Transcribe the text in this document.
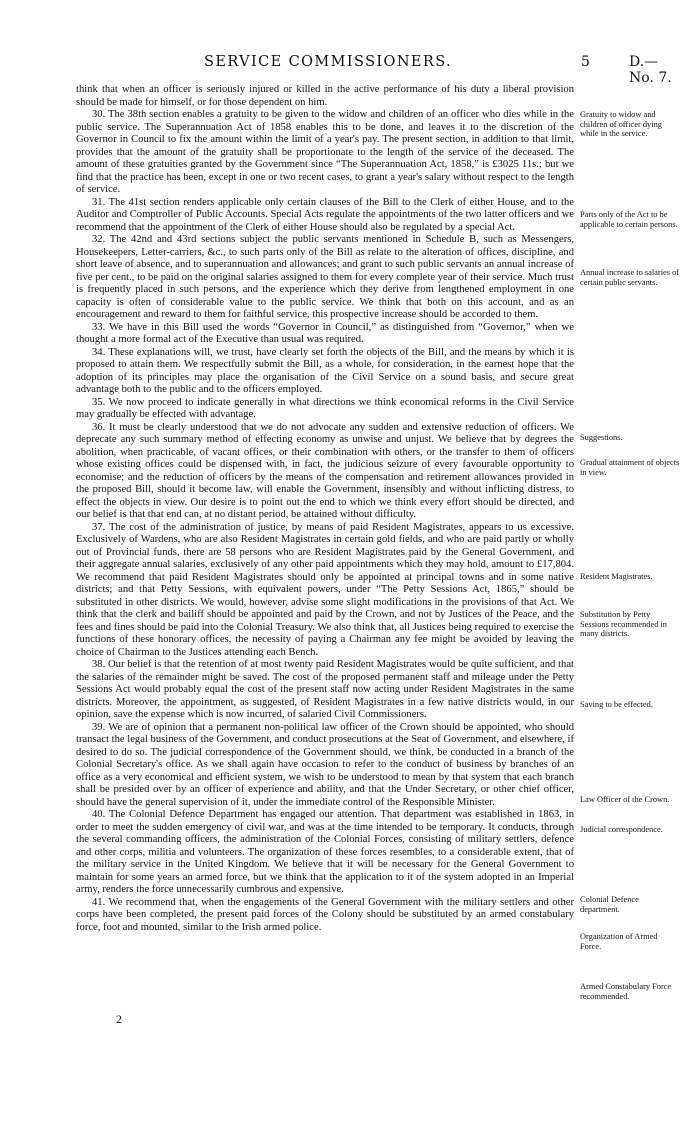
SERVICE COMMISSIONERS.	5	D.—No. 7.

think that when an officer is seriously injured or killed in the active performance of his duty a liberal provision should be made for himself, or for those dependent on him.

30. The 38th section enables a gratuity to be given to the widow and children of an officer who dies while in the public service. The Superannuation Act of 1858 enables this to be done, and leaves it to the discretion of the Governor in Council to fix the amount within the limit of a year's pay. The present section, in addition to that limit, provides that the amount of the gratuity shall be proportionate to the length of the service of the deceased. The amount of these gratuities granted by the Government since “The Superannuation Act, 1858,” is £3025 11s.; but we find that the practice has been, except in one or two recent cases, to grant a year's salary without respect to the length of service.

31. The 41st section renders applicable only certain clauses of the Bill to the Clerk of either House, and to the Auditor and Comptroller of Public Accounts. Special Acts regulate the appointments of the two latter officers and we recommend that the appointment of the Clerk of either House should also be regulated by a special Act.

32. The 42nd and 43rd sections subject the public servants mentioned in Schedule B, such as Messengers, Housekeepers, Letter-carriers, &c., to such parts only of the Bill as relate to the alteration of offices, discipline, and short leave of absence, and to superannuation and allowances; and grant to such public servants an annual increase of five per cent., to be paid on the original salaries assigned to them for every complete year of their service. Much trust is frequently placed in such persons, and the experience which they derive from lengthened employment in one capacity is often of considerable value to the public service. We think that both on this account, and as an encouragement and reward to them for faithful service, this prospective increase should be accorded to them.

33. We have in this Bill used the words “Governor in Council,” as distinguished from “Governor,” when we thought a more formal act of the Executive than usual was required.

34. These explanations will, we trust, have clearly set forth the objects of the Bill, and the means by which it is proposed to attain them. We respectfully submit the Bill, as a whole, for consideration, in the earnest hope that the adoption of its principles may place the organisation of the Civil Service on a sound basis, and secure great advantage both to the public and to the officers employed.

35. We now proceed to indicate generally in what directions we think economical reforms in the Civil Service may gradually be effected with advantage.

36. It must be clearly understood that we do not advocate any sudden and extensive reduction of officers. We deprecate any such summary method of effecting economy as unwise and unjust. We believe that by degrees the abolition, when practicable, of vacant offices, or their combination with others, or the transfer to them of officers whose existing offices could be dispensed with, in fact, the judicious seizure of every favourable opportunity to economise; and the reduction of officers by the means of the compensation and retirement allowances provided in the proposed Bill, should it become law, will enable the Government, insensibly and without inflicting distress, to effect the objects in view. Our desire is to point out the end to which we think every effort should be directed, and our belief is that that end can, at no distant period, be attained without difficulty.

37. The cost of the administration of justice, by means of paid Resident Magistrates, appears to us excessive. Exclusively of Wardens, who are also Resident Magistrates in certain gold fields, and who are paid partly or wholly out of Provincial funds, there are 58 persons who are Resident Magistrates paid by the General Government, and their aggregate annual salaries, exclusively of any other paid appointments which they may hold, amount to £17,804. We recommend that paid Resident Magistrates should only be appointed at principal towns and in some native districts; and that Petty Sessions, with equivalent powers, under “The Petty Sessions Act, 1865,” should be substituted in other districts. We would, however, advise some slight modifications in the provisions of that Act. We think that the clerk and bailiff should be appointed and paid by the Crown, and not by Justices of the Peace, and the fees and fines should be paid into the Colonial Treasury. We also think that, all Justices being required to exercise the functions of these honorary offices, the necessity of paying a Chairman any fee might be avoided by leaving the choice of Chairman to the Justices attending each Bench.

38. Our belief is that the retention of at most twenty paid Resident Magistrates would be quite sufficient, and that the salaries of the remainder might be saved. The cost of the proposed permanent staff and mileage under the Petty Sessions Act would probably equal the cost of the present staff now acting under Resident Magistrates in the same districts. Moreover, the appointment, as suggested, of Resident Magistrates in a few native districts would, in our opinion, save the expense which is now incurred, of salaried Civil Commissioners.

39. We are of opinion that a permanent non-political law officer of the Crown should be appointed, who should transact the legal business of the Government, and conduct prosecutions at the Seat of Government, and elsewhere, if desired to do so. The judicial correspondence of the Government should, we think, be conducted in a branch of the Colonial Secretary's office. As we shall again have occasion to refer to the conduct of business by branches of an office as a very economical and efficient system, we wish to be understood to mean by that system that each branch shall be presided over by an officer of experience and ability, and that the Under Secretary, or other chief officer, should have the general supervision of it, under the immediate control of the Responsible Minister.

40. The Colonial Defence Department has engaged our attention. That department was established in 1863, in order to meet the sudden emergency of civil war, and was at the time intended to be temporary. It conducts, through the several commanding officers, the administration of the Colonial Forces, consisting of military settlers, defence and other corps, militia and volunteers. The organization of these forces resembles, to a considerable extent, that of the military service in the United Kingdom. We believe that it will be necessary for the General Government to maintain for some years an armed force, but we think that the application to it of the system adopted in an Imperial army, renders the force unnecessarily cumbrous and expensive.

41. We recommend that, when the engagements of the General Government with the military settlers and other corps have been completed, the present paid forces of the Colony should be substituted by an armed constabulary force, foot and mounted, similar to the Irish armed police.

Gratuity to widow and children of officer dying while in the service.
Parts only of the Act to be applicable to certain persons.
Annual increase to salaries of certain public servants.
Suggestions.
Gradual attainment of objects in view.
Resident Magistrates.
Substitution by Petty Sessions recommended in many districts.
Saving to be effected.
Law Officer of the Crown.
Judicial correspondence.
Colonial Defence department.
Organization of Armed Force.
Armed Constabulary Force recommended.
2
